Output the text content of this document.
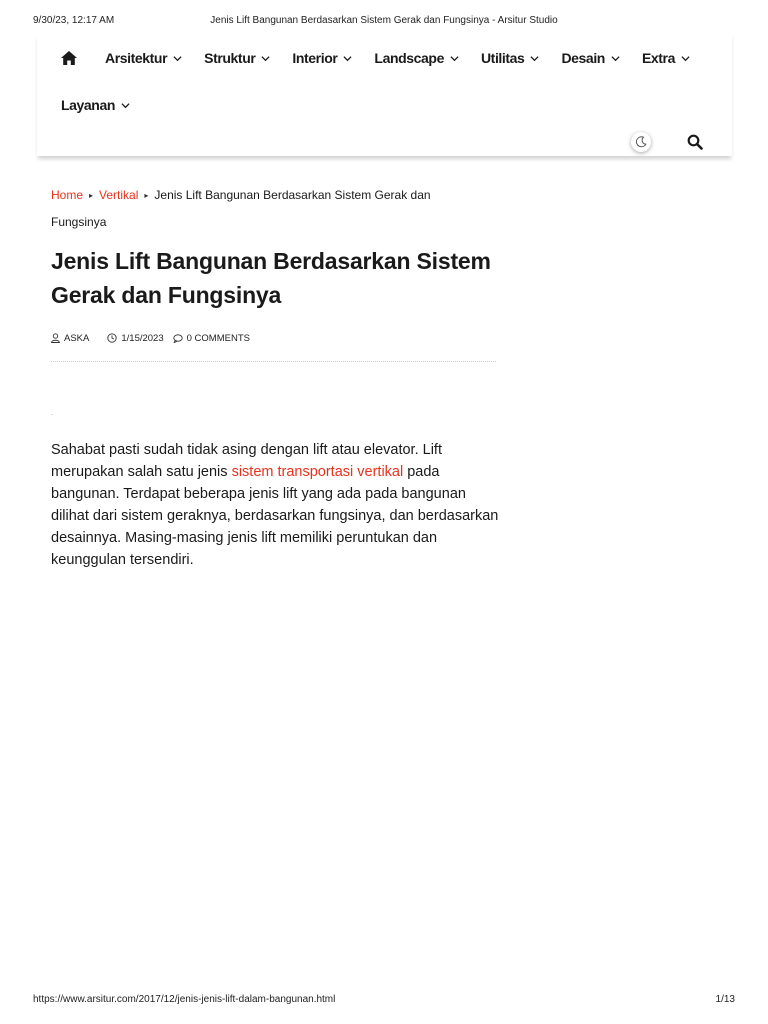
9/30/23, 12:17 AM	Jenis Lift Bangunan Berdasarkan Sistem Gerak dan Fungsinya - Arsitur Studio
Arsitektur	Struktur	Interior	Landscape	Utilitas	Desain	Extra
Layanan
Home ▸ Vertikal ▸ Jenis Lift Bangunan Berdasarkan Sistem Gerak dan Fungsinya
Jenis Lift Bangunan Berdasarkan Sistem Gerak dan Fungsinya
ASKA	1/15/2023 0 COMMENTS
.

Sahabat pasti sudah tidak asing dengan lift atau elevator. Lift merupakan salah satu jenis sistem transportasi vertikal pada bangunan. Terdapat beberapa jenis lift yang ada pada bangunan dilihat dari sistem geraknya, berdasarkan fungsinya, dan berdasarkan desainnya. Masing-masing jenis lift memiliki peruntukan dan keunggulan tersendiri.

https://www.arsitur.com/2017/12/jenis-jenis-lift-dalam-bangunan.html	1/13
